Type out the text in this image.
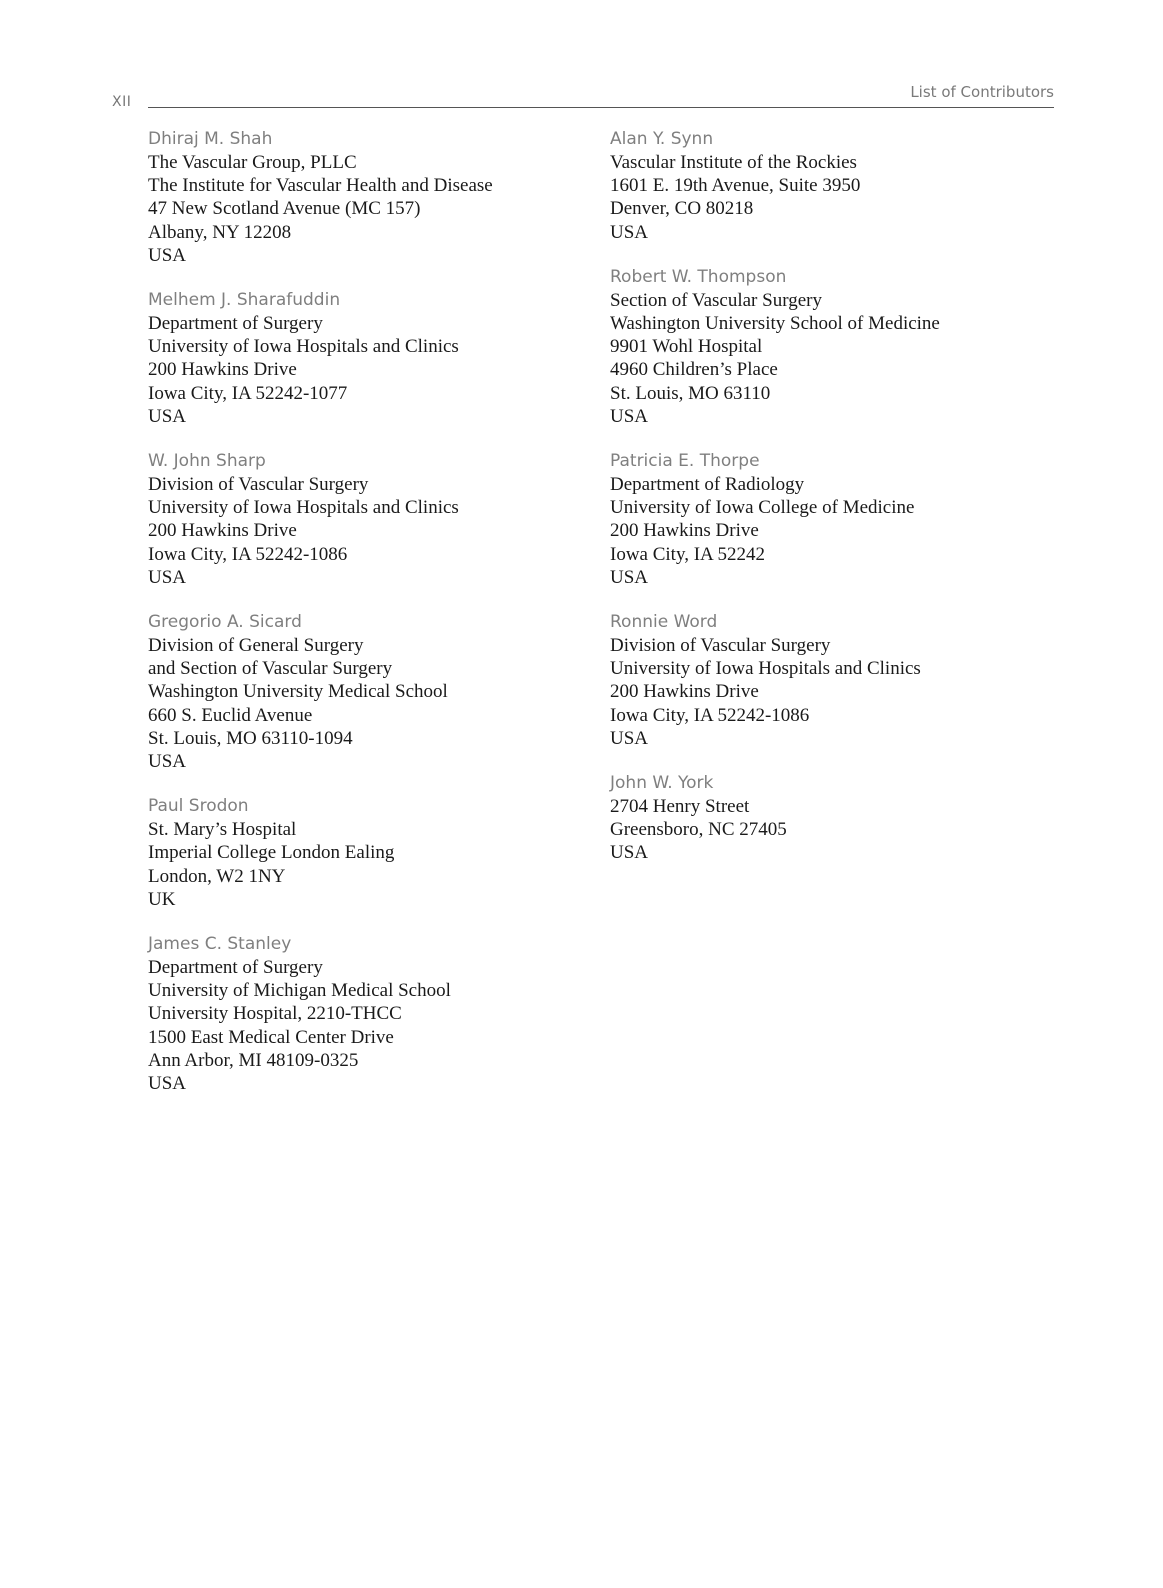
XII
List of Contributors
Dhiraj M. Shah
The Vascular Group, PLLC
The Institute for Vascular Health and Disease
47 New Scotland Avenue (MC 157)
Albany, NY 12208
USA
Melhem J. Sharafuddin
Department of Surgery
University of Iowa Hospitals and Clinics
200 Hawkins Drive
Iowa City, IA 52242-1077
USA
W. John Sharp
Division of Vascular Surgery
University of Iowa Hospitals and Clinics
200 Hawkins Drive
Iowa City, IA 52242-1086
USA
Gregorio A. Sicard
Division of General Surgery
and Section of Vascular Surgery
Washington University Medical School
660 S. Euclid Avenue
St. Louis, MO 63110-1094
USA
Paul Srodon
St. Mary’s Hospital
Imperial College London Ealing
London, W2 1NY
UK
James C. Stanley
Department of Surgery
University of Michigan Medical School
University Hospital, 2210-THCC
1500 East Medical Center Drive
Ann Arbor, MI 48109-0325
USA
Alan Y. Synn
Vascular Institute of the Rockies
1601 E. 19th Avenue, Suite 3950
Denver, CO 80218
USA
Robert W. Thompson
Section of Vascular Surgery
Washington University School of Medicine
9901 Wohl Hospital
4960 Children’s Place
St. Louis, MO 63110
USA
Patricia E. Thorpe
Department of Radiology
University of Iowa College of Medicine
200 Hawkins Drive
Iowa City, IA 52242
USA
Ronnie Word
Division of Vascular Surgery
University of Iowa Hospitals and Clinics
200 Hawkins Drive
Iowa City, IA 52242-1086
USA
John W. York
2704 Henry Street
Greensboro, NC 27405
USA
